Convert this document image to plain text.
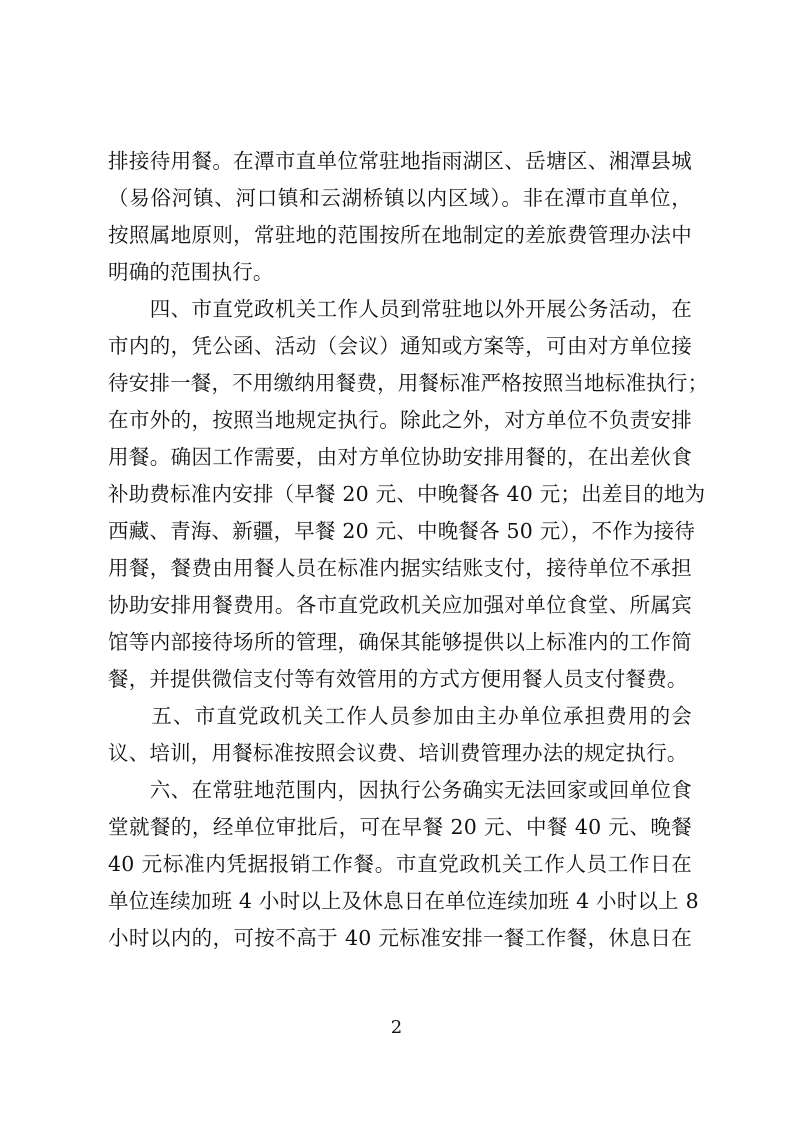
排接待用餐。在潭市直单位常驻地指雨湖区、岳塘区、湘潭县城
（易俗河镇、河口镇和云湖桥镇以内区域）。非在潭市直单位，
按照属地原则，常驻地的范围按所在地制定的差旅费管理办法中
明确的范围执行。
　　四、市直党政机关工作人员到常驻地以外开展公务活动，在
市内的，凭公函、活动（会议）通知或方案等，可由对方单位接
待安排一餐，不用缴纳用餐费，用餐标准严格按照当地标准执行；
在市外的，按照当地规定执行。除此之外，对方单位不负责安排
用餐。确因工作需要，由对方单位协助安排用餐的，在出差伙食
补助费标准内安排（早餐 20 元、中晚餐各 40 元；出差目的地为
西藏、青海、新疆，早餐 20 元、中晚餐各 50 元），不作为接待
用餐，餐费由用餐人员在标准内据实结账支付，接待单位不承担
协助安排用餐费用。各市直党政机关应加强对单位食堂、所属宾
馆等内部接待场所的管理，确保其能够提供以上标准内的工作简
餐，并提供微信支付等有效管用的方式方便用餐人员支付餐费。
　　五、市直党政机关工作人员参加由主办单位承担费用的会
议、培训，用餐标准按照会议费、培训费管理办法的规定执行。
　　六、在常驻地范围内，因执行公务确实无法回家或回单位食
堂就餐的，经单位审批后，可在早餐 20 元、中餐 40 元、晚餐
40 元标准内凭据报销工作餐。市直党政机关工作人员工作日在
单位连续加班 4 小时以上及休息日在单位连续加班 4 小时以上 8
小时以内的，可按不高于 40 元标准安排一餐工作餐，休息日在
2
